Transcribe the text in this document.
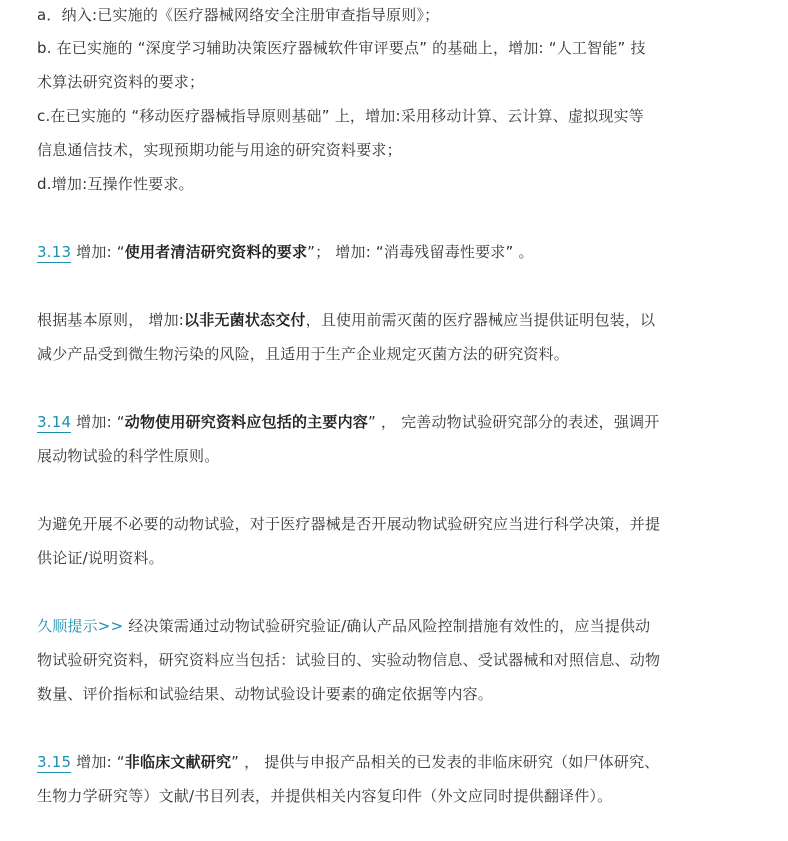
a．纳入:已实施的《医疗器械网络安全注册审查指导原则》；
b. 在已实施的 “深度学习辅助决策医疗器械软件审评要点” 的基础上，增加: “人工智能” 技
术算法研究资料的要求；
c.在已实施的 “移动医疗器械指导原则基础” 上，增加:采用移动计算、云计算、虚拟现实等
信息通信技术，实现预期功能与用途的研究资料要求；
d.增加:互操作性要求。
3.13 增加: “使用者清洁研究资料的要求”； 增加: “消毒残留毒性要求” 。
根据基本原则， 增加:以非无菌状态交付，且使用前需灭菌的医疗器械应当提供证明包装，以
减少产品受到微生物污染的风险，且适用于生产企业规定灭菌方法的研究资料。
3.14 增加: “动物使用研究资料应包括的主要内容” ， 完善动物试验研究部分的表述，强调开
展动物试验的科学性原则。
为避免开展不必要的动物试验，对于医疗器械是否开展动物试验研究应当进行科学决策，并提
供论证/说明资料。
久顺提示>> 经决策需通过动物试验研究验证/确认产品风险控制措施有效性的，应当提供动
物试验研究资料，研究资料应当包括：试验目的、实验动物信息、受试器械和对照信息、动物
数量、评价指标和试验结果、动物试验设计要素的确定依据等内容。
3.15 增加: “非临床文献研究” ， 提供与申报产品相关的已发表的非临床研究（如尸体研究、
生物力学研究等）文献/书目列表，并提供相关内容复印件（外文应同时提供翻译件）。
